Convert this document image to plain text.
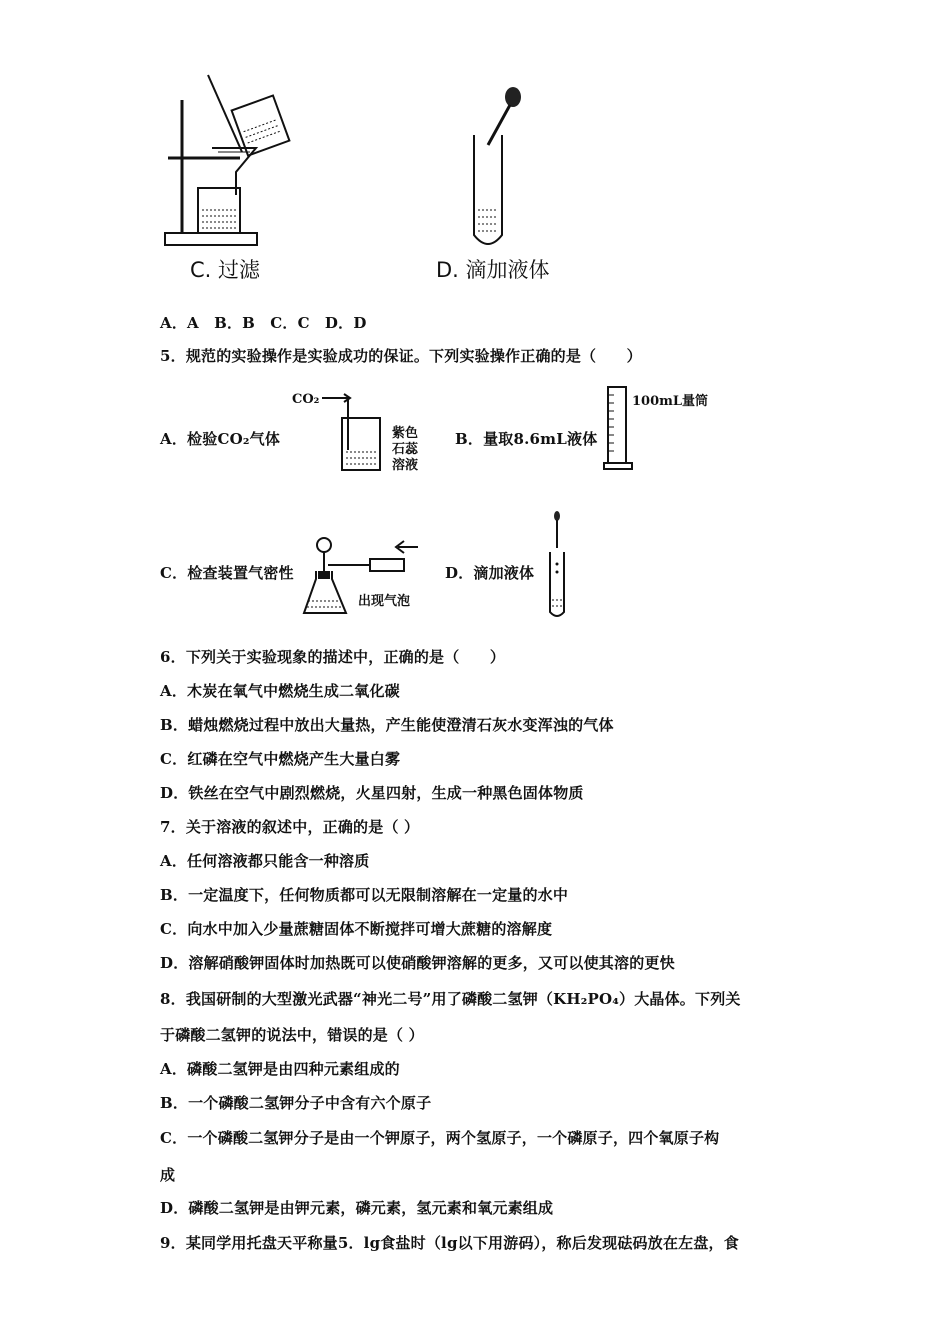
C. 过滤	D. 滴加液体
A．A　B．B　C．C　D．D
5．规范的实验操作是实验成功的保证。下列实验操作正确的是（　　）
A．检验CO₂气体
CO₂
紫色
石蕊
溶液
B．量取8.6mL液体
100mL量筒
C．检查装置气密性
出现气泡
D．滴加液体
6．下列关于实验现象的描述中，正确的是（　　）
A．木炭在氧气中燃烧生成二氧化碳
B．蜡烛燃烧过程中放出大量热，产生能使澄清石灰水变浑浊的气体
C．红磷在空气中燃烧产生大量白雾
D．铁丝在空气中剧烈燃烧，火星四射，生成一种黑色固体物质
7．关于溶液的叙述中，正确的是（ ）
A．任何溶液都只能含一种溶质
B．一定温度下，任何物质都可以无限制溶解在一定量的水中
C．向水中加入少量蔗糖固体不断搅拌可增大蔗糖的溶解度
D．溶解硝酸钾固体时加热既可以使硝酸钾溶解的更多，又可以使其溶的更快
8．我国研制的大型激光武器“神光二号”用了磷酸二氢钾（KH₂PO₄）大晶体。下列关
于磷酸二氢钾的说法中，错误的是（ ）
A．磷酸二氢钾是由四种元素组成的
B．一个磷酸二氢钾分子中含有六个原子
C．一个磷酸二氢钾分子是由一个钾原子，两个氢原子，一个磷原子，四个氧原子构
成
D．磷酸二氢钾是由钾元素，磷元素，氢元素和氧元素组成
9．某同学用托盘天平称量5．lg食盐时（lg以下用游码），称后发现砝码放在左盘，食
